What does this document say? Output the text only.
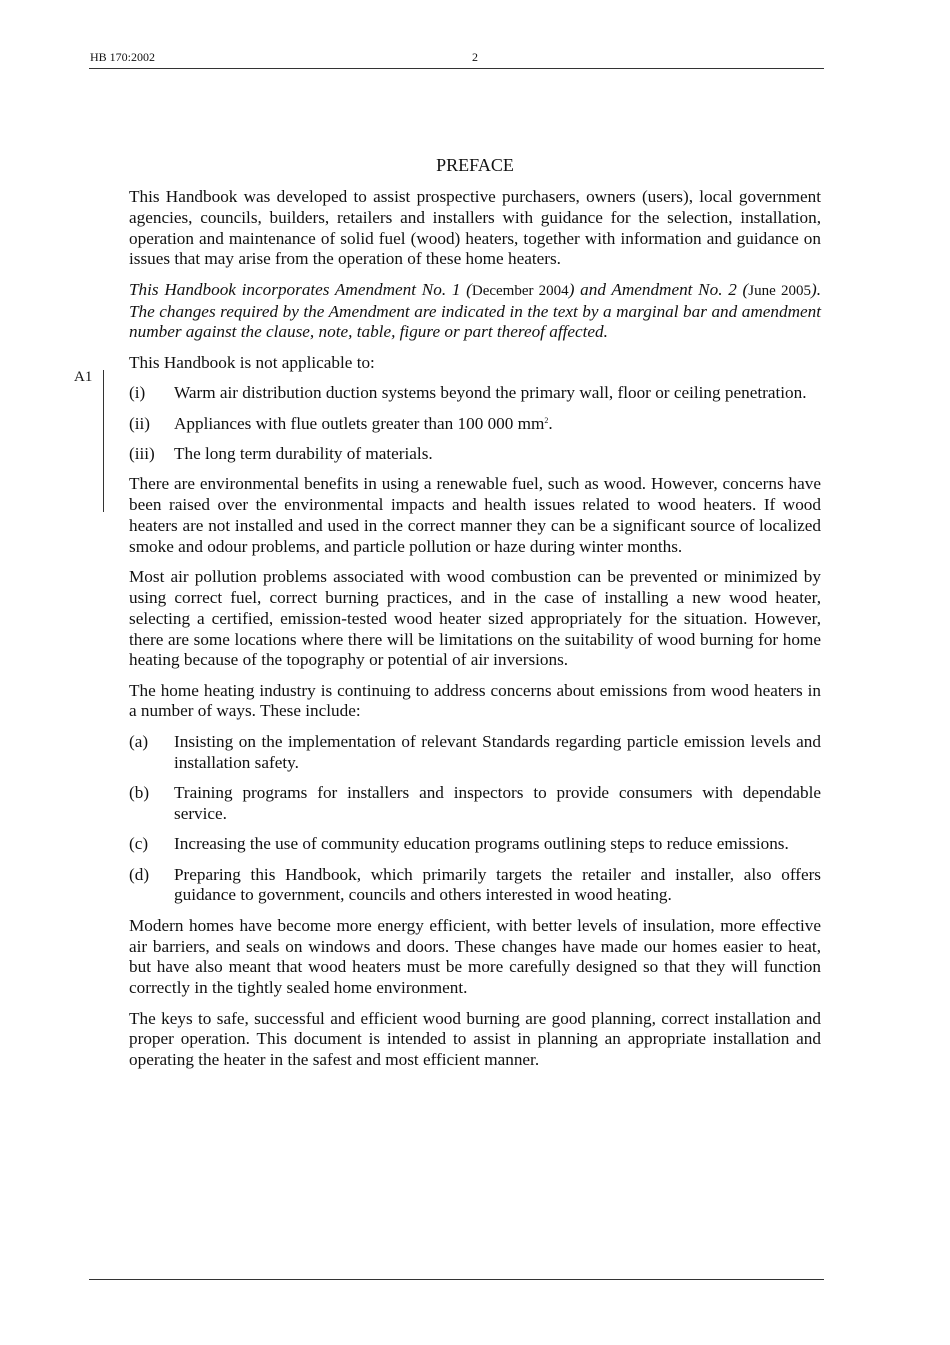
HB 170:2002	2
PREFACE
A1

This Handbook was developed to assist prospective purchasers, owners (users), local government agencies, councils, builders, retailers and installers with guidance for the selection, installation, operation and maintenance of solid fuel (wood) heaters, together with information and guidance on issues that may arise from the operation of these home heaters.

This Handbook incorporates Amendment No. 1 (December 2004) and Amendment No. 2 (June 2005). The changes required by the Amendment are indicated in the text by a marginal bar and amendment number against the clause, note, table, figure or part thereof affected.

This Handbook is not applicable to:

(i)	Warm air distribution duction systems beyond the primary wall, floor or ceiling penetration.
(ii)	Appliances with flue outlets greater than 100 000 $mm^2$.
(iii)	The long term durability of materials.

There are environmental benefits in using a renewable fuel, such as wood. However, concerns have been raised over the environmental impacts and health issues related to wood heaters. If wood heaters are not installed and used in the correct manner they can be a significant source of localized smoke and odour problems, and particle pollution or haze during winter months.

Most air pollution problems associated with wood combustion can be prevented or minimized by using correct fuel, correct burning practices, and in the case of installing a new wood heater, selecting a certified, emission-tested wood heater sized appropriately for the situation. However, there are some locations where there will be limitations on the suitability of wood burning for home heating because of the topography or potential of air inversions.

The home heating industry is continuing to address concerns about emissions from wood heaters in a number of ways. These include:

(a)	Insisting on the implementation of relevant Standards regarding particle emission levels and installation safety.
(b)	Training programs for installers and inspectors to provide consumers with dependable service.
(c)	Increasing the use of community education programs outlining steps to reduce emissions.
(d)	Preparing this Handbook, which primarily targets the retailer and installer, also offers guidance to government, councils and others interested in wood heating.

Modern homes have become more energy efficient, with better levels of insulation, more effective air barriers, and seals on windows and doors. These changes have made our homes easier to heat, but have also meant that wood heaters must be more carefully designed so that they will function correctly in the tightly sealed home environment.

The keys to safe, successful and efficient wood burning are good planning, correct installation and proper operation. This document is intended to assist in planning an appropriate installation and operating the heater in the safest and most efficient manner.
